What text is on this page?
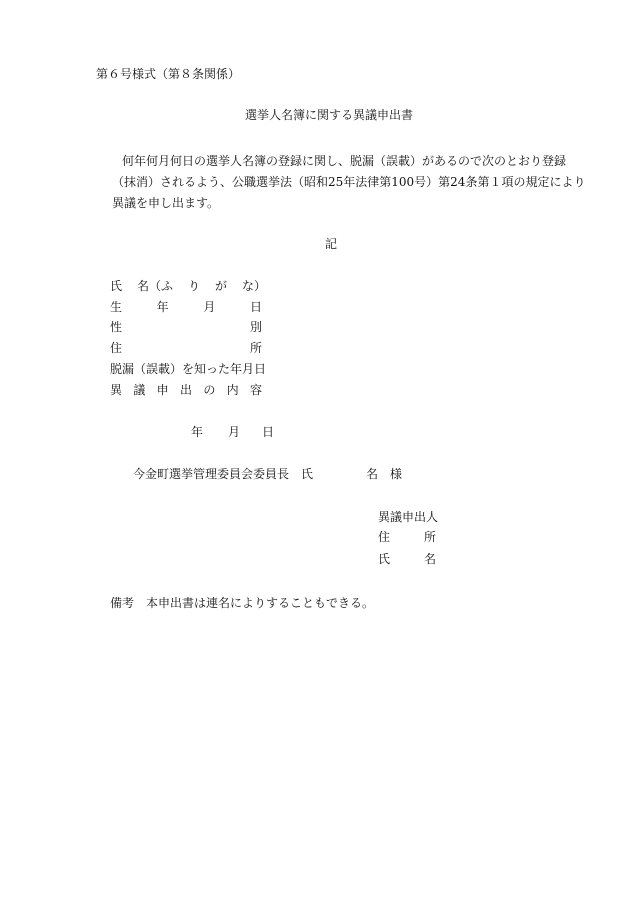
第６号様式（第８条関係）

選挙人名簿に関する異議申出書

何年何月何日の選挙人名簿の登録に関し、脱漏（誤載）があるので次のとおり登録

（抹消）されるよう、公職選挙法（昭和25年法律第100号）第24条第１項の規定により

異議を申し出ます。

記

氏 名（ふ り が な）
生	年	月	日
性	別
住	所

脱漏（誤載）を知った年月日

異 議 申 出 の 内 容

年 月 日

今金町選挙管理委員会委員長　氏	名　様

異議申出人

住	所
氏	名

備考　本申出書は連名によりすることもできる。
